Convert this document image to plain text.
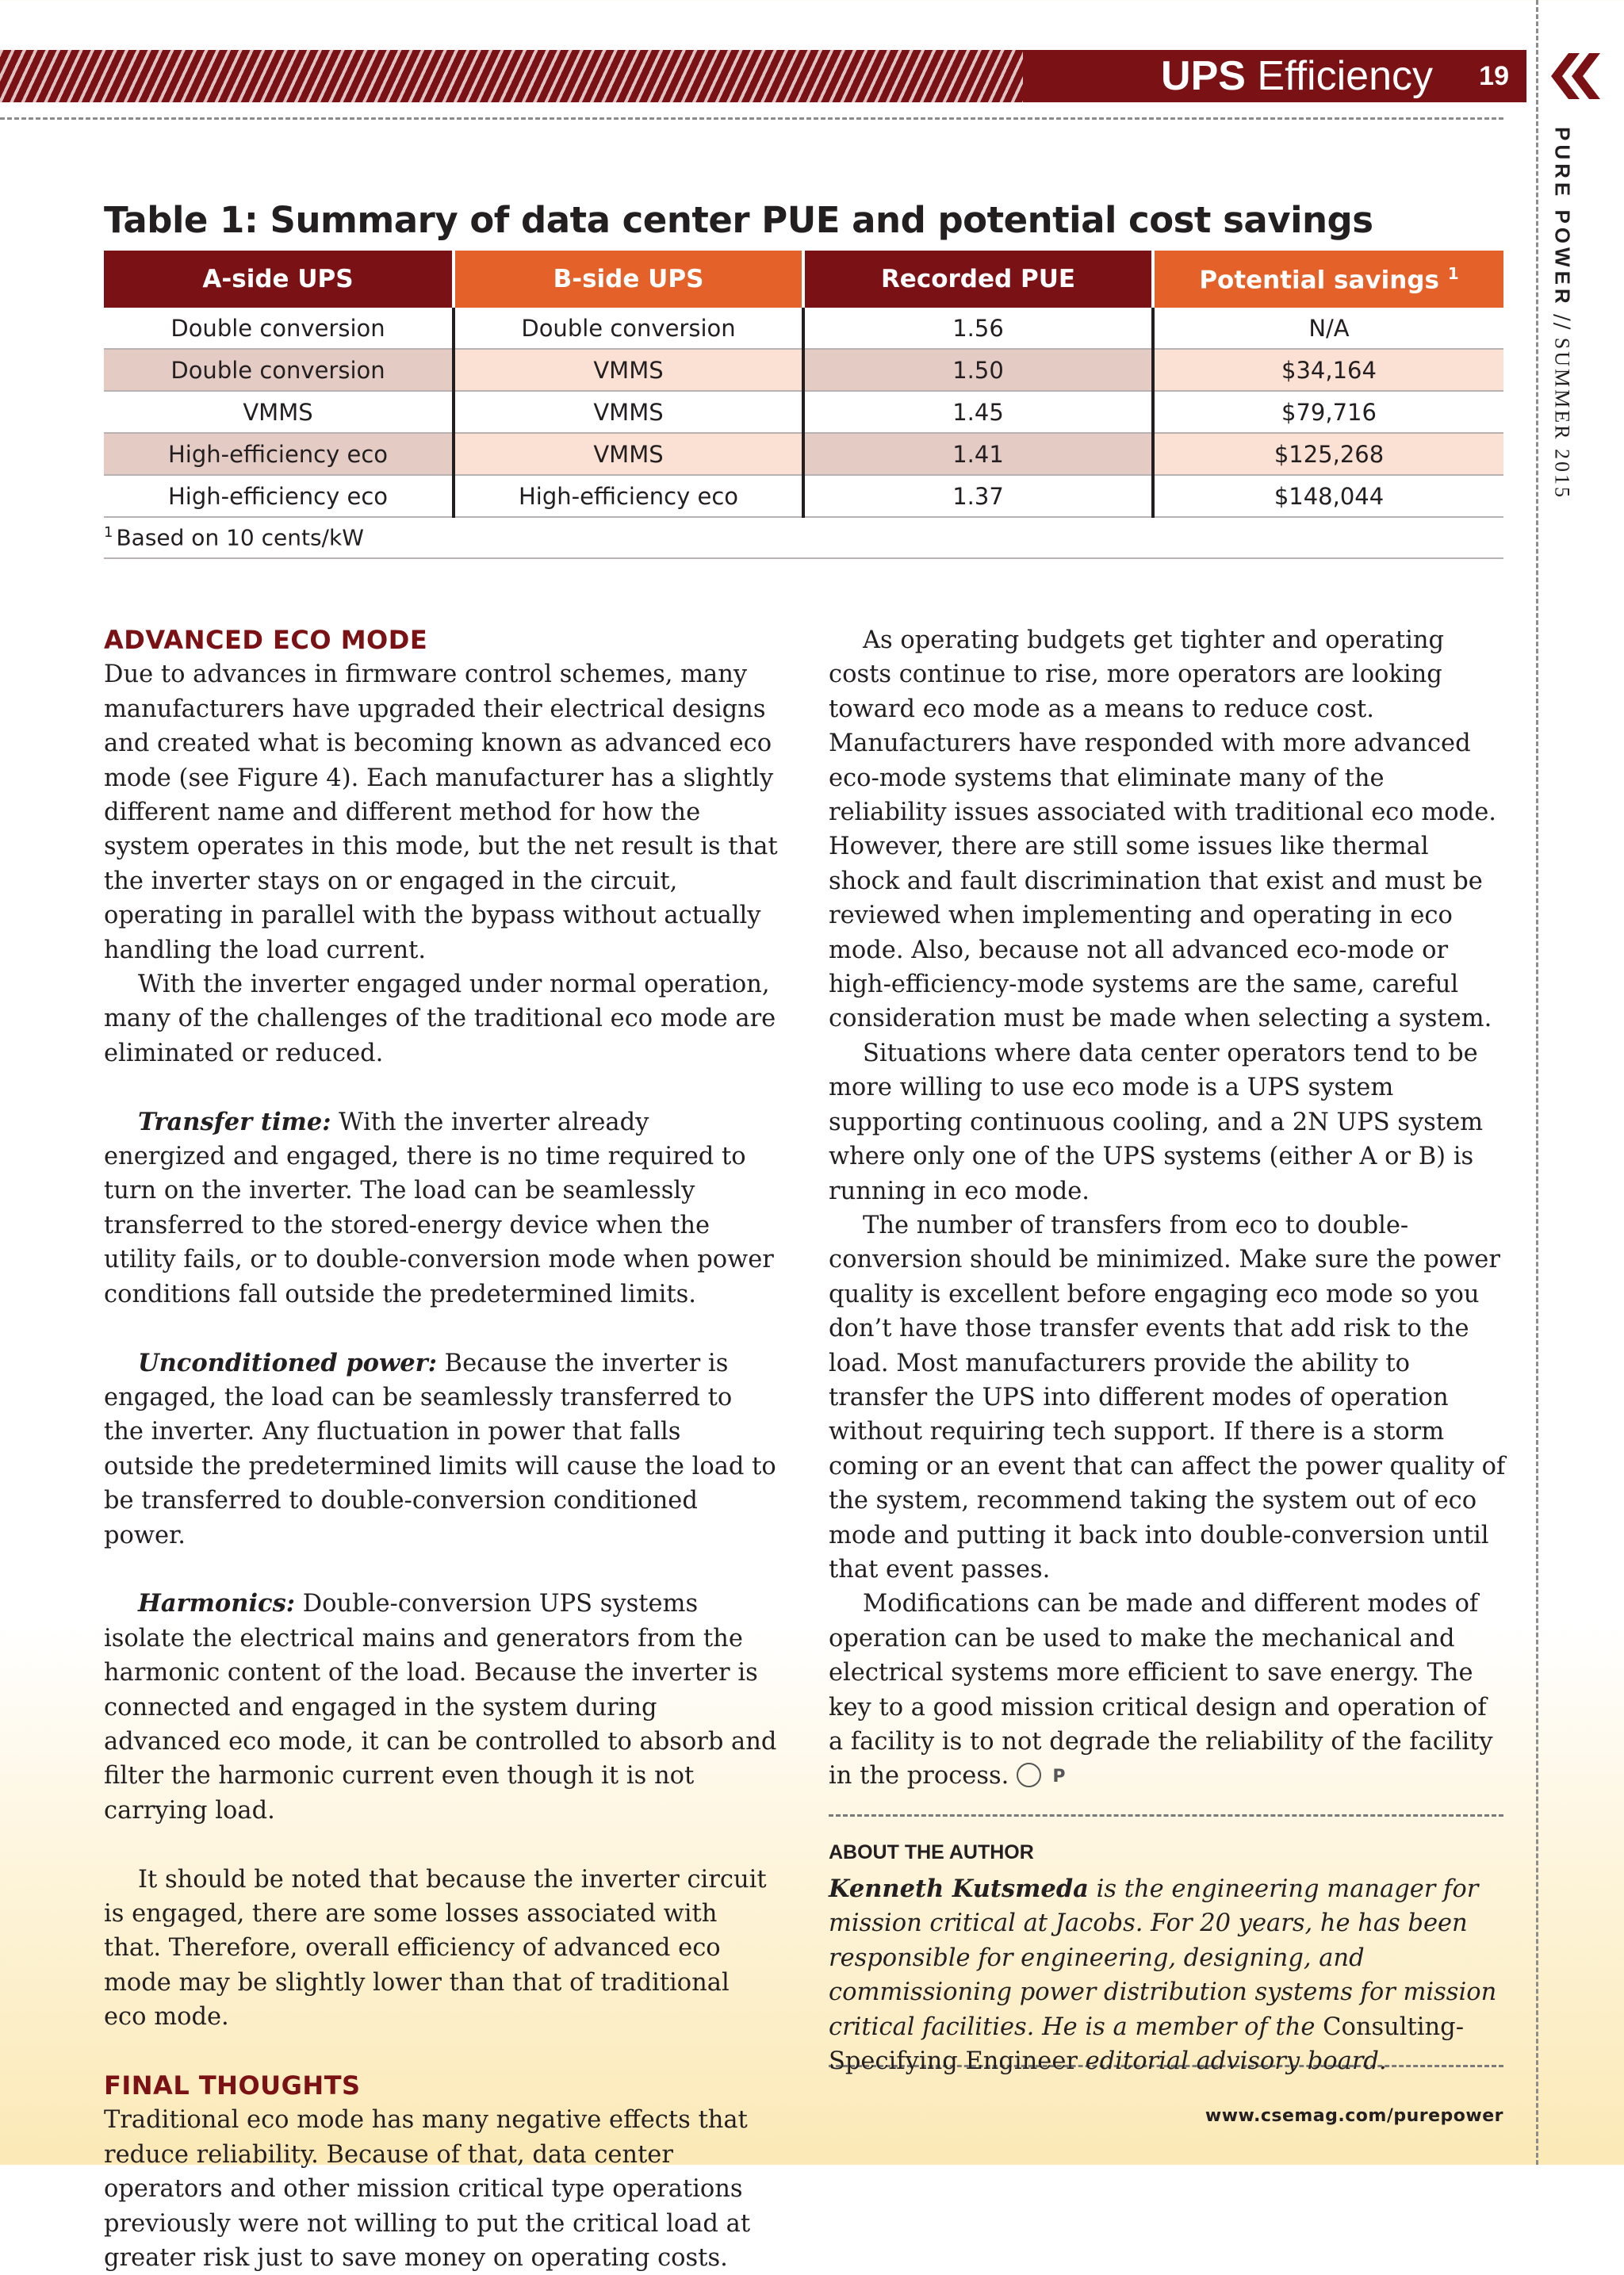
UPS Efficiency 19
PURE POWER // SUMMER 2015
Table 1: Summary of data center PUE and potential cost savings
A-side UPS	B-side UPS	Recorded PUE	Potential savings $^1$
Double conversion	Double conversion	1.56	N/A
Double conversion	VMMS	1.50	$34,164
VMMS	VMMS	1.45	$79,716
High-efficiency eco	VMMS	1.41	$125,268
High-efficiency eco	High-efficiency eco	1.37	$148,044
$^1$ Based on 10 cents/kW			
ADVANCED ECO MODE

Due to advances in firmware control schemes, many manufacturers have upgraded their electrical designs and created what is becoming known as advanced eco mode (see Figure 4). Each manufacturer has a slightly different name and different method for how the system operates in this mode, but the net result is that the inverter stays on or engaged in the circuit, operating in parallel with the bypass without actually handling the load current.

With the inverter engaged under normal operation, many of the challenges of the traditional eco mode are eliminated or reduced.

Transfer time: With the inverter already energized and engaged, there is no time required to turn on the inverter. The load can be seamlessly transferred to the stored-energy device when the utility fails, or to double-conversion mode when power conditions fall outside the predetermined limits.

Unconditioned power: Because the inverter is engaged, the load can be seamlessly transferred to the inverter. Any fluctuation in power that falls outside the predetermined limits will cause the load to be transferred to double-conversion conditioned power.

Harmonics: Double-conversion UPS systems isolate the electrical mains and generators from the harmonic content of the load. Because the inverter is connected and engaged in the system during advanced eco mode, it can be controlled to absorb and filter the harmonic current even though it is not carrying load.

It should be noted that because the inverter circuit is engaged, there are some losses associated with that. Therefore, overall efficiency of advanced eco mode may be slightly lower than that of traditional eco mode.

FINAL THOUGHTS

Traditional eco mode has many negative effects that reduce reliability. Because of that, data center operators and other mission critical type operations previously were not willing to put the critical load at greater risk just to save money on operating costs.

As operating budgets get tighter and operating costs continue to rise, more operators are looking toward eco mode as a means to reduce cost. Manufacturers have responded with more advanced eco-mode systems that eliminate many of the reliability issues associated with traditional eco mode. However, there are still some issues like thermal shock and fault discrimination that exist and must be reviewed when implementing and operating in eco mode. Also, because not all advanced eco-mode or high-efficiency-mode systems are the same, careful consideration must be made when selecting a system.

Situations where data center operators tend to be more willing to use eco mode is a UPS system supporting continuous cooling, and a 2N UPS system where only one of the UPS systems (either A or B) is running in eco mode.

The number of transfers from eco to double-conversion should be minimized. Make sure the power quality is excellent before engaging eco mode so you don’t have those transfer events that add risk to the load. Most manufacturers provide the ability to transfer the UPS into different modes of operation without requiring tech support. If there is a storm coming or an event that can affect the power quality of the system, recommend taking the system out of eco mode and putting it back into double-conversion until that event passes.

Modifications can be made and different modes of operation can be used to make the mechanical and electrical systems more efficient to save energy. The key to a good mission critical design and operation of a facility is to not degrade the reliability of the facility in the process.	P

ABOUT THE AUTHOR

Kenneth Kutsmeda is the engineering manager for mission critical at Jacobs. For 20 years, he has been responsible for engineering, designing, and commissioning power distribution systems for mission critical facilities. He is a member of the Consulting-Specifying Engineer editorial advisory board.

www.csemag.com/purepower
